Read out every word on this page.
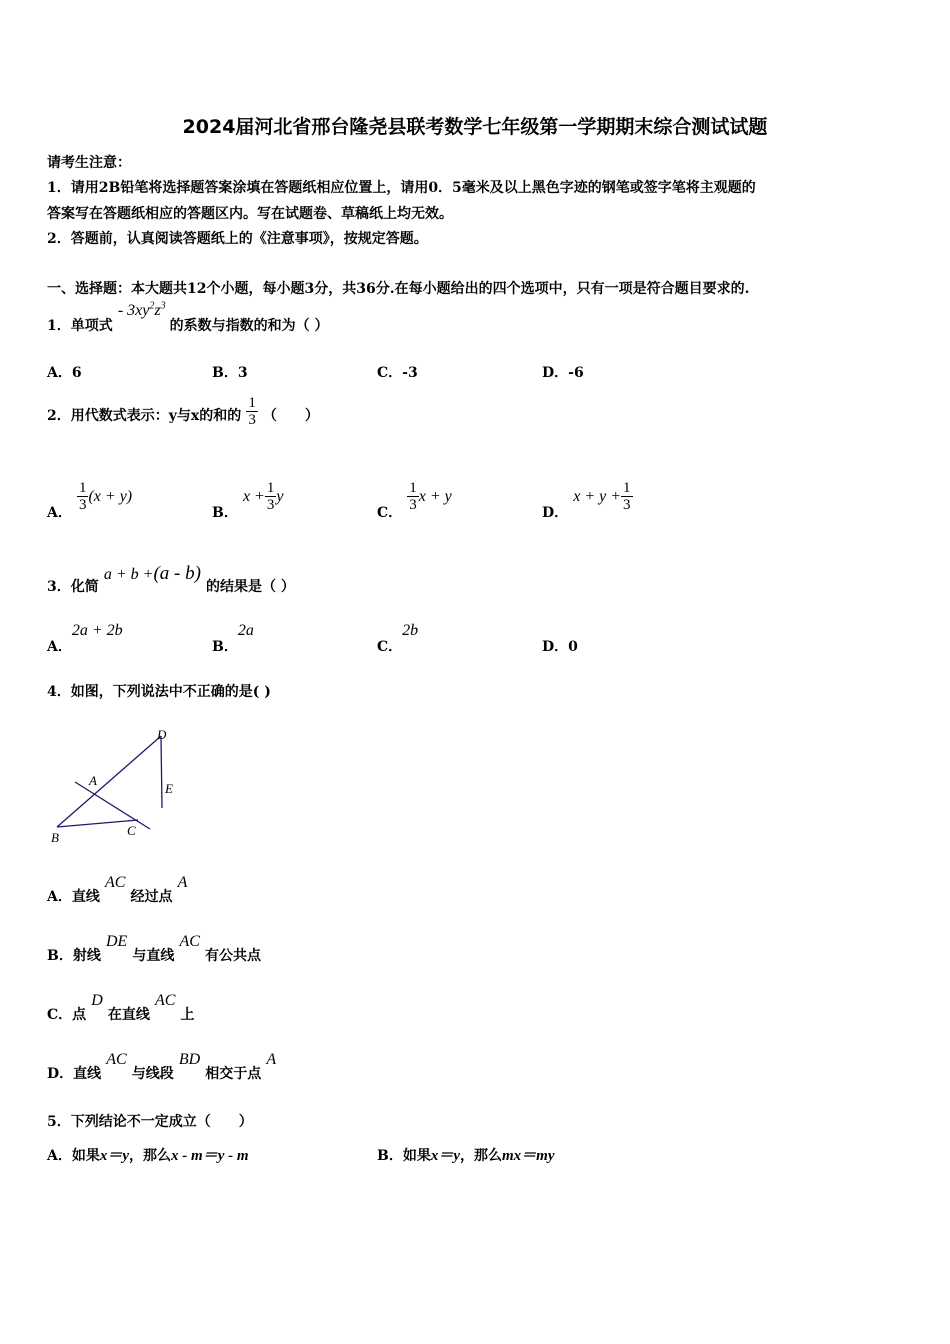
2024届河北省邢台隆尧县联考数学七年级第一学期期末综合测试试题
请考生注意：
1．请用2B铅笔将选择题答案涂填在答题纸相应位置上，请用0．5毫米及以上黑色字迹的钢笔或签字笔将主观题的
答案写在答题纸相应的答题区内。写在试题卷、草稿纸上均无效。
2．答题前，认真阅读答题纸上的《注意事项》，按规定答题。
一、选择题：本大题共12个小题，每小题3分，共36分.在每小题给出的四个选项中，只有一项是符合题目要求的.
1．单项式 - $3xy^2z^3$ 的系数与指数的和为（ ）
A．6	B．3	C．-3	D．-6
2．用代数式表示：y与x的和的 $\frac{1}{3}$ （　　）
A． $\frac{1}{3} (x + y)$
B． $x + \frac{1}{3}$ y
C． $\frac{1}{3}$ x + y
D． $x + y + \frac{1}{3}$
3．化简 a + b +(a - b) 的结果是（ ）
A．2a + 2b
B．2a
C．2b
D．0
4．如图，下列说法中不正确的是( )
D
A
E
B	C
A．直线 AC 经过点 A
B．射线 DE 与直线 AC 有公共点
C．点 D 在直线 AC 上
D．直线 AC 与线段 BD 相交于点 A
5．下列结论不一定成立（　　）
A．如果x＝y，那么x - m＝y - m	B．如果x＝y，那么mx＝my
